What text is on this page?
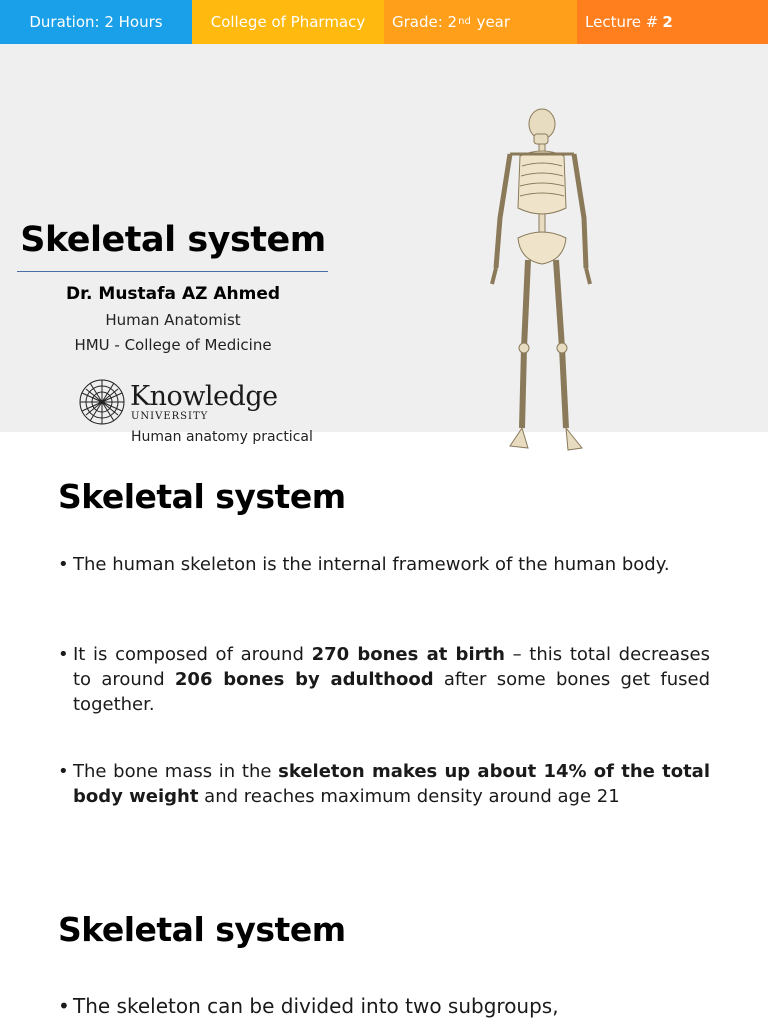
Duration: 2 Hours	College of Pharmacy Grade: 2nd
year	Lecture # 2
Skeletal system
Dr. Mustafa AZ Ahmed
Human Anatomist
HMU - College of Medicine
Knowledge
UNIVERSITY
Human anatomy practical
Skeletal system
• The human skeleton is the internal framework of the human body.
• It is composed of around 270 bones at birth – this total decreases to around 206 bones by adulthood after some bones get fused together.
• The bone mass in the skeleton makes up about 14% of the total body weight and reaches maximum density around age 21
Skeletal system
• The skeleton can be divided into two subgroups,
